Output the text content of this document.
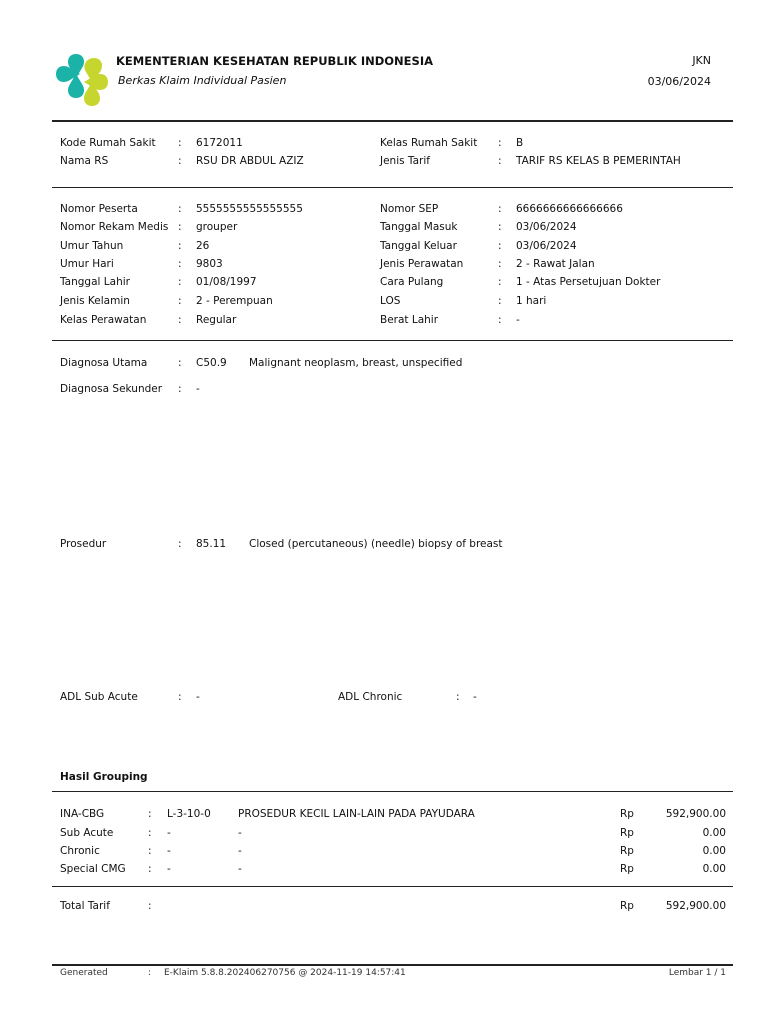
KEMENTERIAN KESEHATAN REPUBLIK INDONESIA
Berkas Klaim Individual Pasien
JKN
03/06/2024
Kode Rumah Sakit : 6172011
Nama RS	: RSU DR ABDUL AZIZ
Kelas Rumah Sakit : B
Jenis Tarif	: TARIF RS KELAS B PEMERINTAH
Nomor Peserta	: 5555555555555555
Nomor Rekam Medis : grouper
Umur Tahun	: 26
Umur Hari	: 9803
Tanggal Lahir	: 01/08/1997
Jenis Kelamin	: 2 - Perempuan
Kelas Perawatan	: Regular
Nomor SEP	: 6666666666666666
Tanggal Masuk	: 03/06/2024
Tanggal Keluar	: 03/06/2024
Jenis Perawatan	: 2 - Rawat Jalan
Cara Pulang	: 1 - Atas Persetujuan Dokter
LOS	: 1 hari
Berat Lahir	: -
Diagnosa Utama	: C50.9 Malignant neoplasm, breast, unspecified
Diagnosa Sekunder : -
Prosedur	: 85.11 Closed (percutaneous) (needle) biopsy of breast
ADL Sub Acute	: -	ADL Chronic	: -
Hasil Grouping
INA-CBG	: L-3-10-0	PROSEDUR KECIL LAIN-LAIN PADA PAYUDARA	Rp	592,900.00
Sub Acute	: -	-	Rp	0.00
Chronic	: -	-	Rp	0.00
Special CMG : -	-	Rp	0.00
Total Tarif	:	Rp	592,900.00
Generated	: E-Klaim 5.8.8.202406270756 @ 2024-11-19 14:57:41	Lembar 1 / 1
